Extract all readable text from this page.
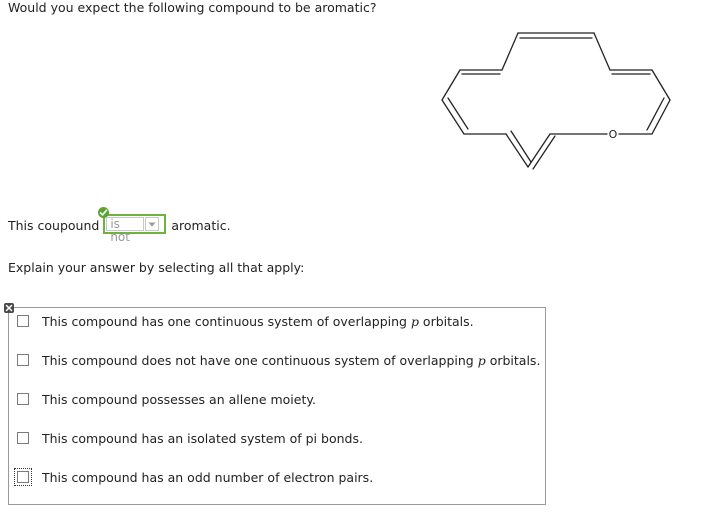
Would you expect the following compound to be aromatic?
O
This coupound is not
aromatic.
Explain your answer by selecting all that apply:
This compound has one continuous system of overlapping p orbitals.
This compound does not have one continuous system of overlapping p orbitals.
This compound possesses an allene moiety.
This compound has an isolated system of pi bonds.
This compound has an odd number of electron pairs.
